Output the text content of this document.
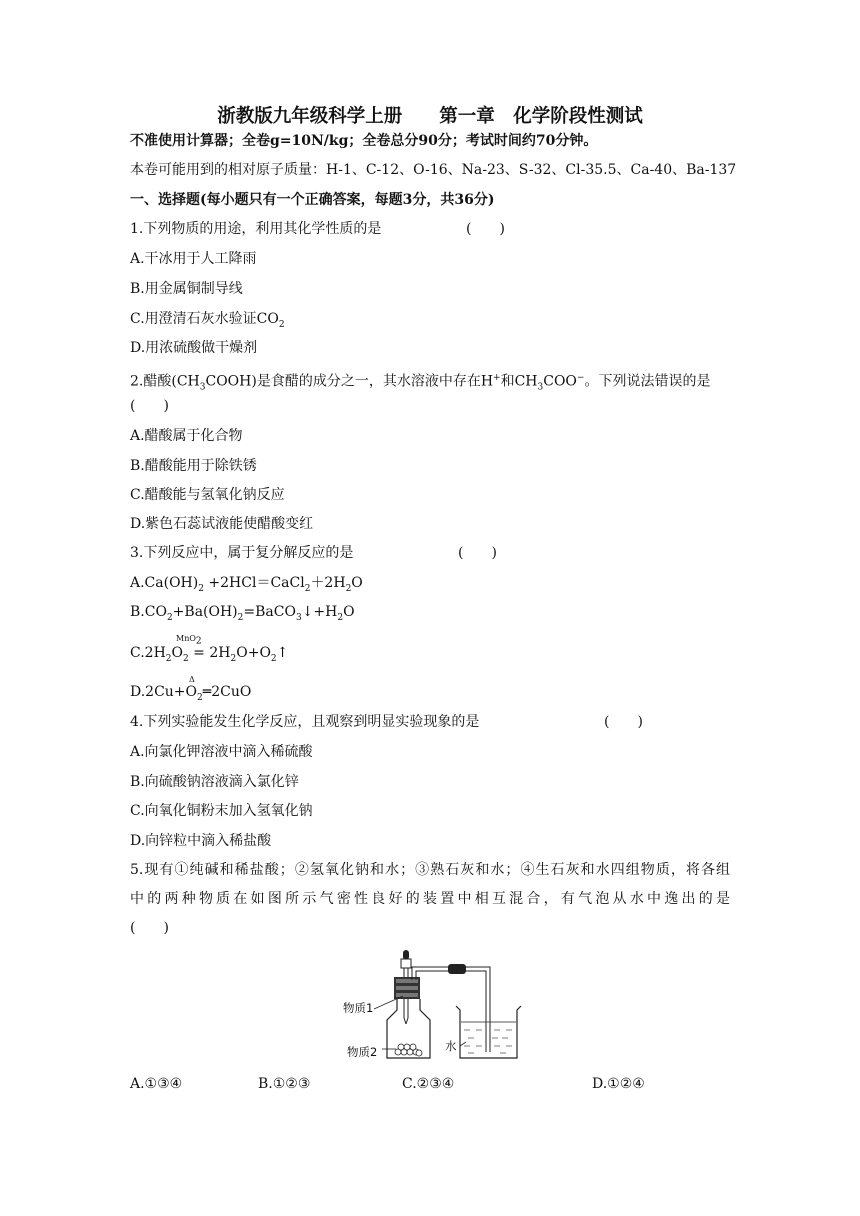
浙教版九年级科学上册　　第一章　化学阶段性测试
不准使用计算器；全卷g=10N/kg；全卷总分90分；考试时间约70分钟。
本卷可能用到的相对原子质量：H-1、C-12、O-16、Na-23、S-32、Cl-35.5、Ca-40、Ba-137
一、选择题(每小题只有一个正确答案，每题3分，共36分)
1.下列物质的用途，利用其化学性质的是	(　　)
A.干冰用于人工降雨
B.用金属铜制导线
C.用澄清石灰水验证$CO_2$
D.用浓硫酸做干燥剂
2.醋酸$(CH_3COOH)$是食醋的成分之一，其水溶液中存在H+和$CH_3COO^-$。下列说法错误的是
(　　)
A.醋酸属于化合物
B.醋酸能用于除铁锈
C.醋酸能与氢氧化钠反应
D.紫色石蕊试液能使醋酸变红
3.下列反应中，属于复分解反应的是	(　　)
$A.Ca(OH)_2$ $+2HCl=CaCl_2+2H_2O$
$B.CO_2+Ba(OH)_2=BaCO_3↓+H_2O$
MnO$_2$
$C.2H_2O_2$ = $2H_2O+O_2↑$
Δ
$D.2Cu+O_2═2CuO$
4.下列实验能发生化学反应，且观察到明显实验现象的是	(　　)
A.向氯化钾溶液中滴入稀硫酸
B.向硫酸钠溶液滴入氯化锌
C.向氧化铜粉末加入氢氧化钠
D.向锌粒中滴入稀盐酸
5.现有①纯碱和稀盐酸；②氢氧化钠和水；③熟石灰和水；④生石灰和水四组物质，将各组
中的两种物质在如图所示气密性良好的装置中相互混合，有气泡从水中逸出的是
(　　)
物质1
物质2	水
A.①③④	B.①②③	C.②③④	D.①②④
